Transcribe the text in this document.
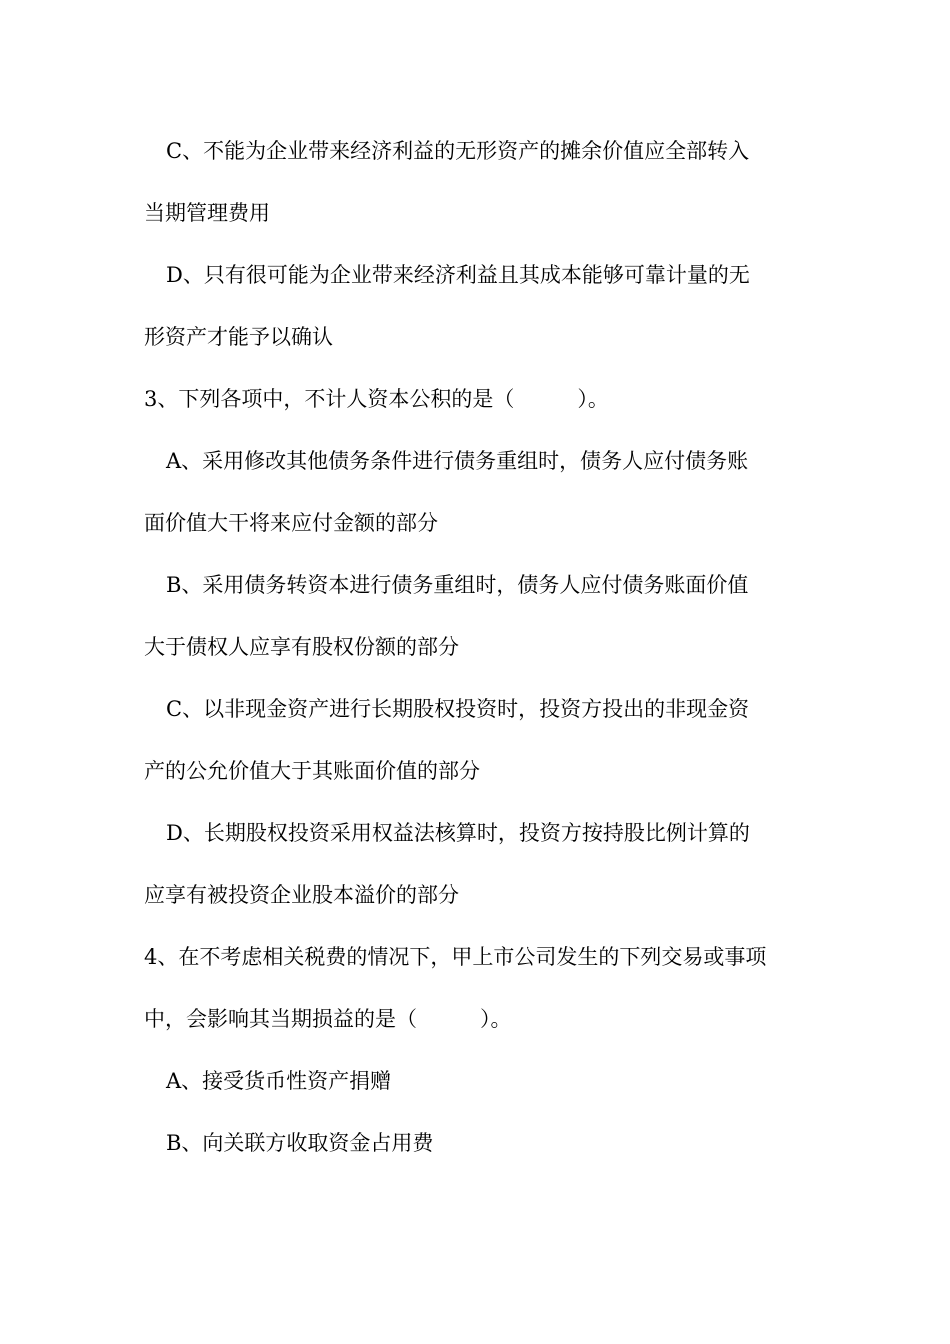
C、不能为企业带来经济利益的无形资产的摊余价值应全部转入
当期管理费用
D、只有很可能为企业带来经济利益且其成本能够可靠计量的无
形资产才能予以确认
3、下列各项中，不计人资本公积的是（　　　）。
A、采用修改其他债务条件进行债务重组时，债务人应付债务账
面价值大干将来应付金额的部分
B、采用债务转资本进行债务重组时，债务人应付债务账面价值
大于债权人应享有股权份额的部分
C、以非现金资产进行长期股权投资时，投资方投出的非现金资
产的公允价值大于其账面价值的部分
D、长期股权投资采用权益法核算时，投资方按持股比例计算的
应享有被投资企业股本溢价的部分
4、在不考虑相关税费的情况下，甲上市公司发生的下列交易或事项
中，会影响其当期损益的是（　　　）。
A、接受货币性资产捐赠
B、向关联方收取资金占用费
